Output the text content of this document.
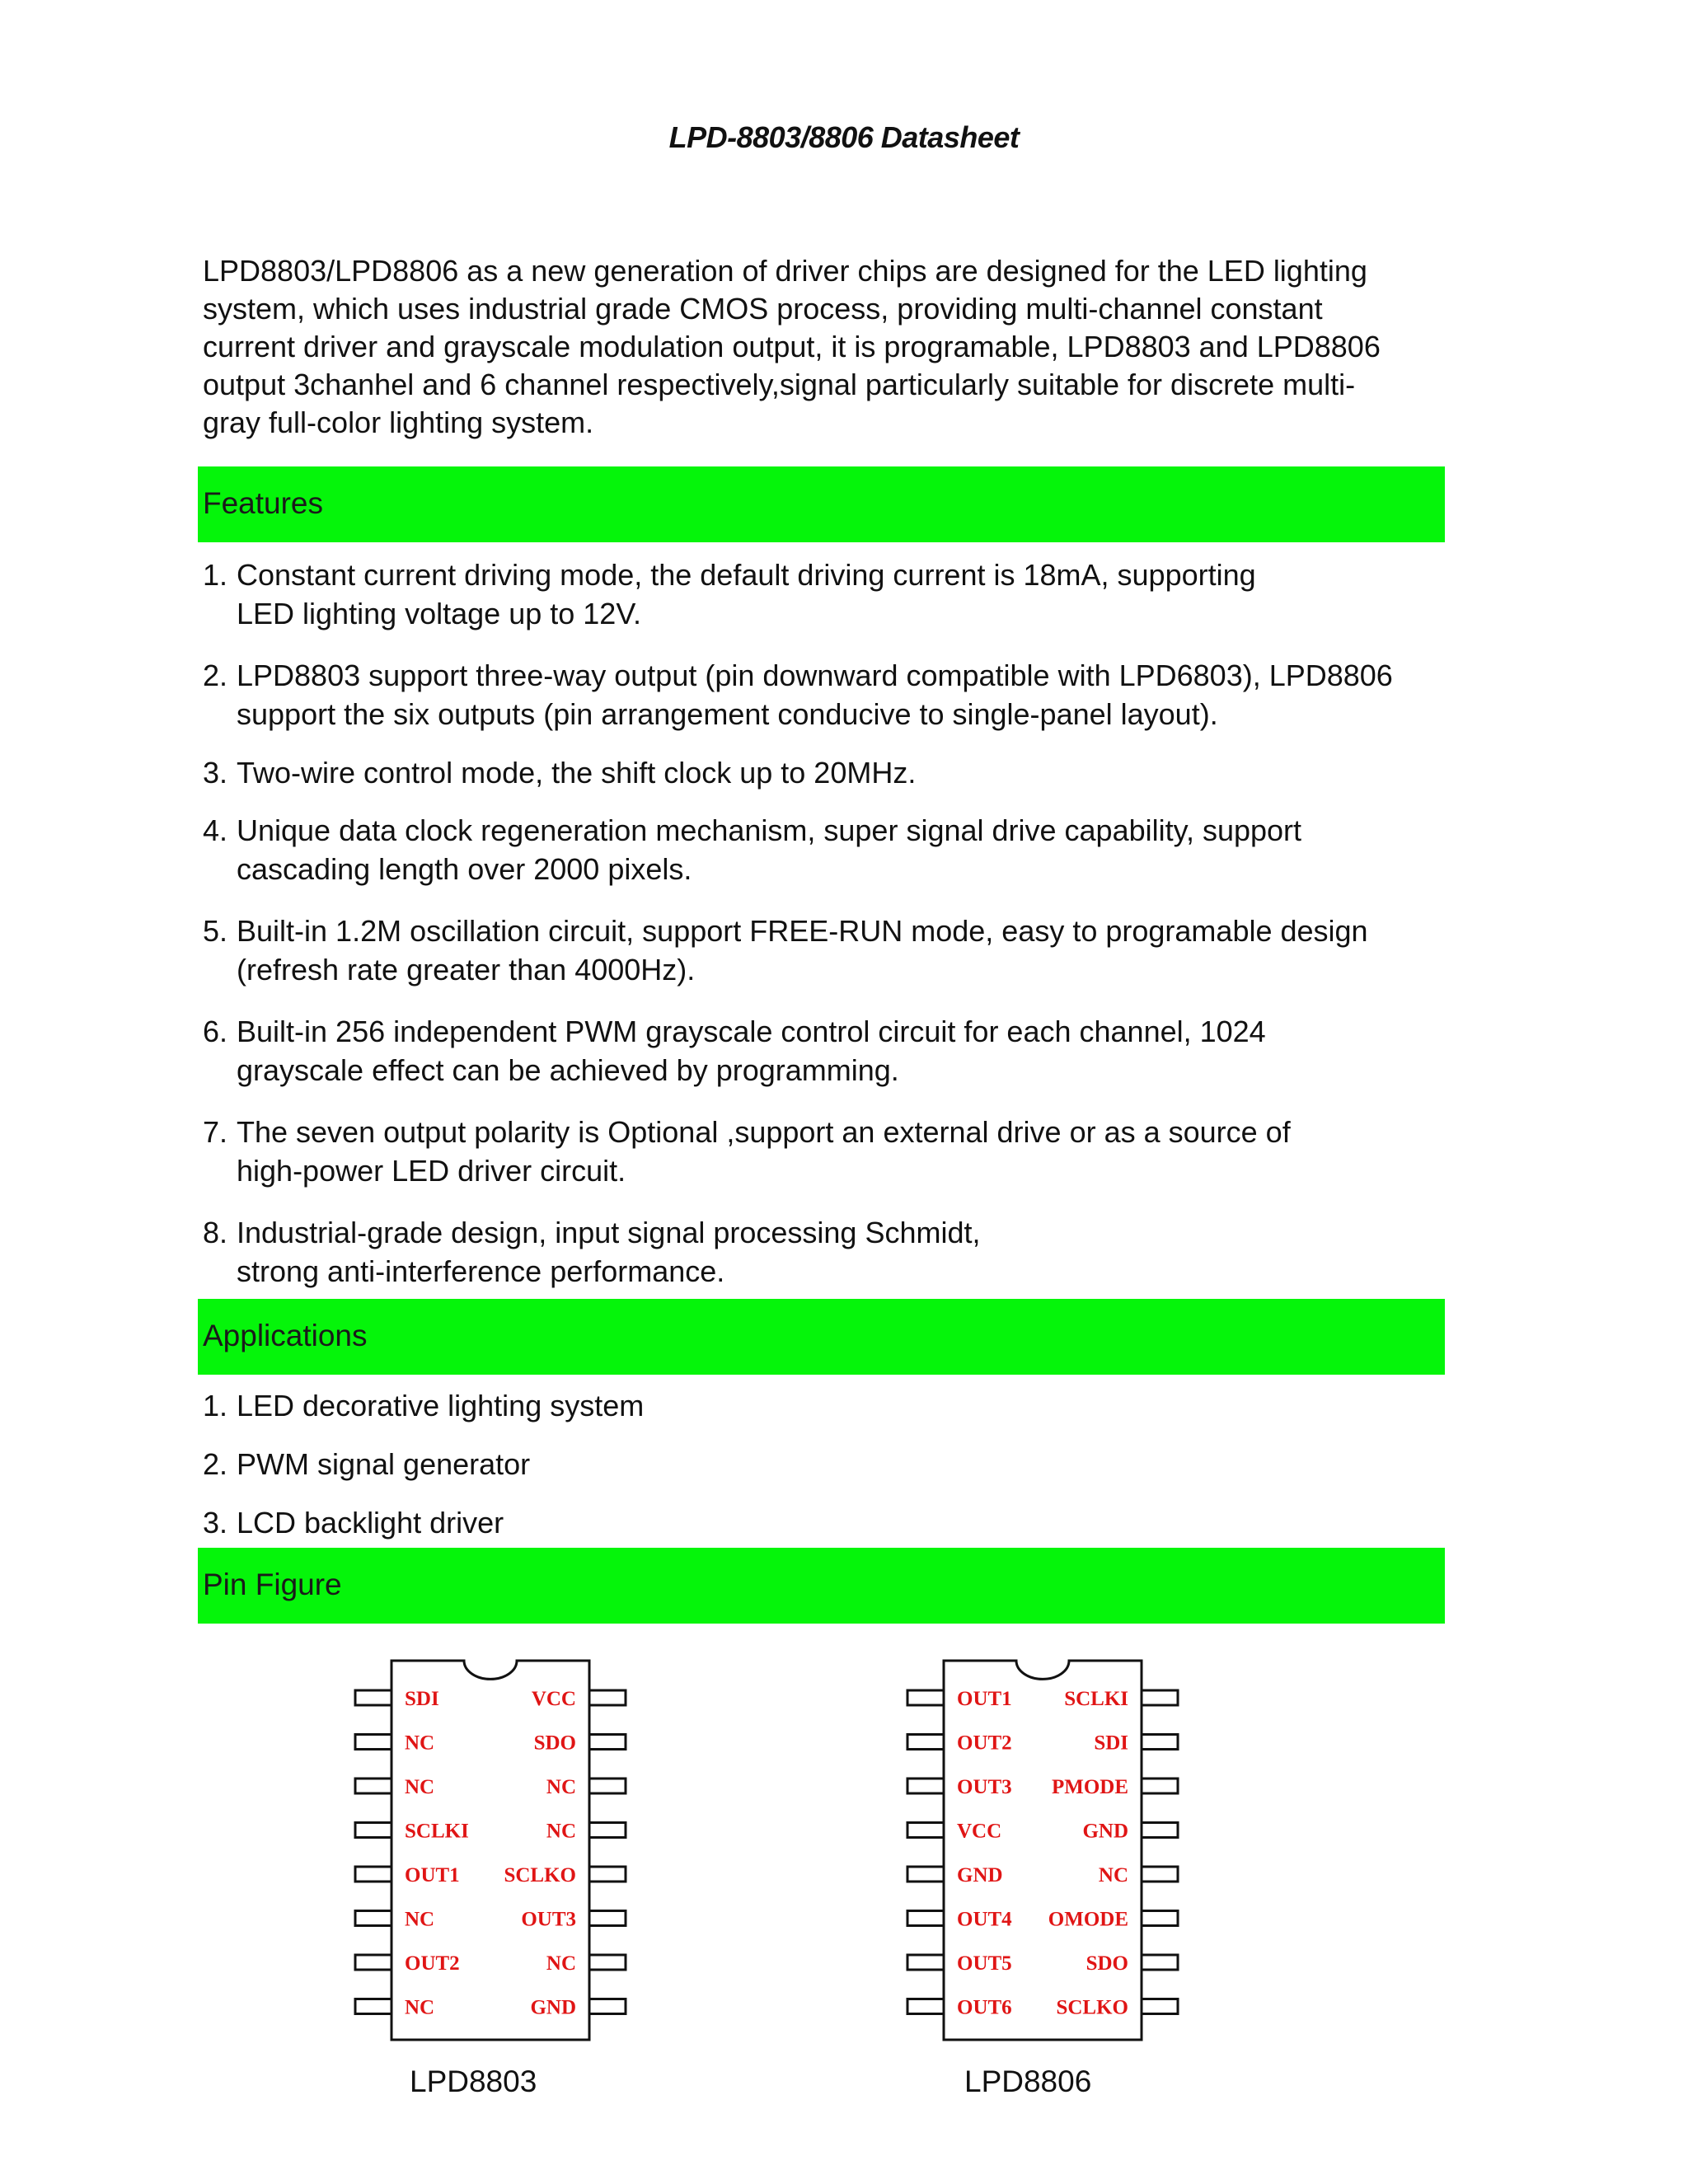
LPD-8803/8806 Datasheet
LPD8803/LPD8806 as a new generation of driver chips are designed for the LED lighting
system, which uses industrial grade CMOS process, providing multi-channel constant
current driver and grayscale modulation output, it is programable, LPD8803 and LPD8806
output 3chanhel and 6 channel respectively,signal particularly suitable for discrete multi-
gray full-color lighting system.
Features
1. Constant current driving mode, the default driving current is 18mA, supporting
LED lighting voltage up to 12V.
2. LPD8803 support three-way output (pin downward compatible with LPD6803), LPD8806
support the six outputs (pin arrangement conducive to single-panel layout).
3. Two-wire control mode, the shift clock up to 20MHz.
4. Unique data clock regeneration mechanism, super signal drive capability, support
cascading length over 2000 pixels.
5. Built-in 1.2M oscillation circuit, support FREE-RUN mode, easy to programable design
(refresh rate greater than 4000Hz).
6. Built-in 256 independent PWM grayscale control circuit for each channel, 1024
grayscale effect can be achieved by programming.
7. The seven output polarity is Optional ,support an external drive or as a source of
high-power LED driver circuit.
8. Industrial-grade design, input signal processing Schmidt,
strong anti-interference performance.
Applications
1. LED decorative lighting system
2. PWM signal generator
3. LCD backlight driver
Pin Figure
SDI	VCC
NC	SDO
NC	NC
SCLKI	NC
OUT1 SCLKO
NC	OUT3
OUT2	NC
NC	GND
LPD8803
OUT1	SCLKI
OUT2	SDI
OUT3 PMODE
VCC	GND
GND	NC
OUT4 OMODE
OUT5	SDO
OUT6 SCLKO
LPD8806
